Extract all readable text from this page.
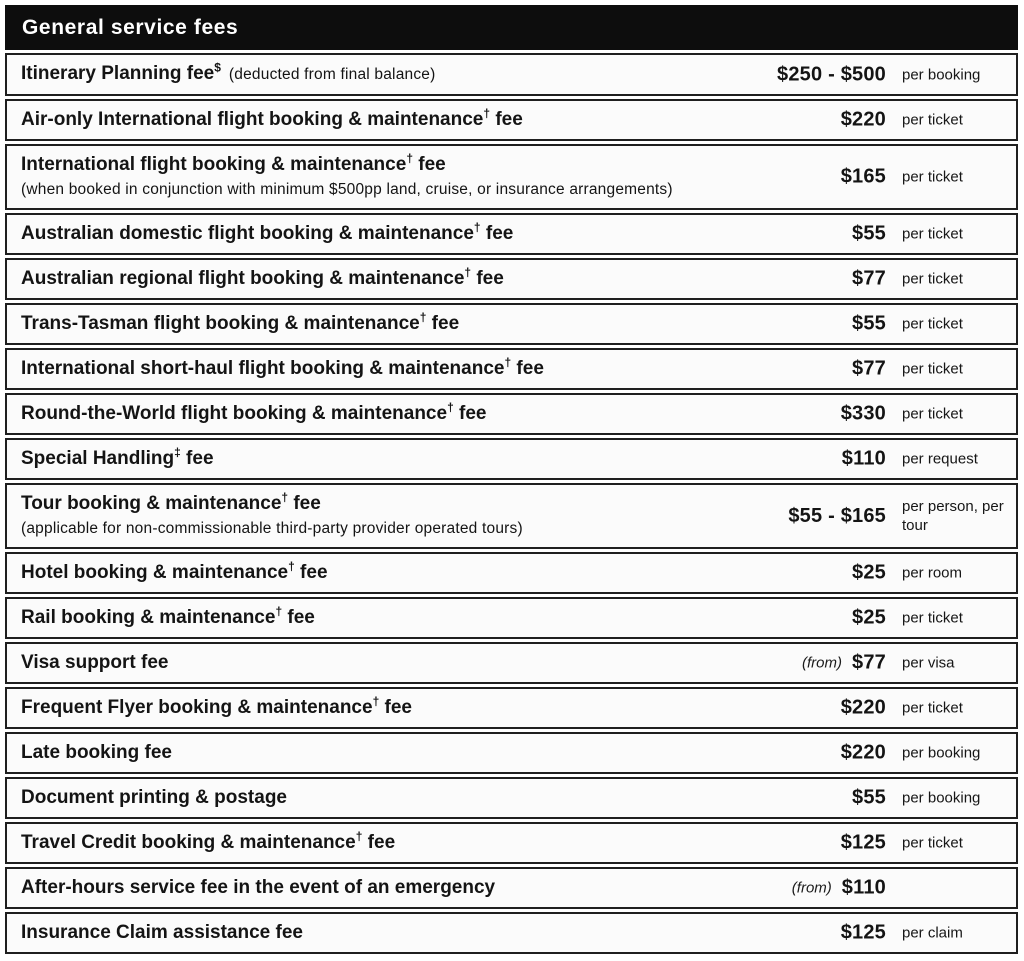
General service fees
Itinerary Planning fee$ (deducted from final balance)	$250 - $500	per booking
Air-only International flight booking & maintenance† fee	$220	per ticket
International flight booking & maintenance† fee
(when booked in conjunction with minimum $500pp land, cruise, or insurance arrangements)
$165	per ticket
Australian domestic flight booking & maintenance† fee	$55	per ticket
Australian regional flight booking & maintenance† fee	$77	per ticket
Trans-Tasman flight booking & maintenance† fee	$55	per ticket
International short-haul flight booking & maintenance† fee	$77	per ticket
Round-the-World flight booking & maintenance† fee	$330	per ticket
Special Handling‡ fee	$110	per request
Tour booking & maintenance† fee
(applicable for non-commissionable third-party provider operated tours)
$55 - $165	per person, per tour
Hotel booking & maintenance† fee	$25	per room
Rail booking & maintenance† fee	$25	per ticket
Visa support fee	(from) $77	per visa
Frequent Flyer booking & maintenance† fee	$220	per ticket
Late booking fee	$220	per booking
Document printing & postage	$55	per booking
Travel Credit booking & maintenance† fee	$125	per ticket
After-hours service fee in the event of an emergency	(from) $110
Insurance Claim assistance fee	$125	per claim
